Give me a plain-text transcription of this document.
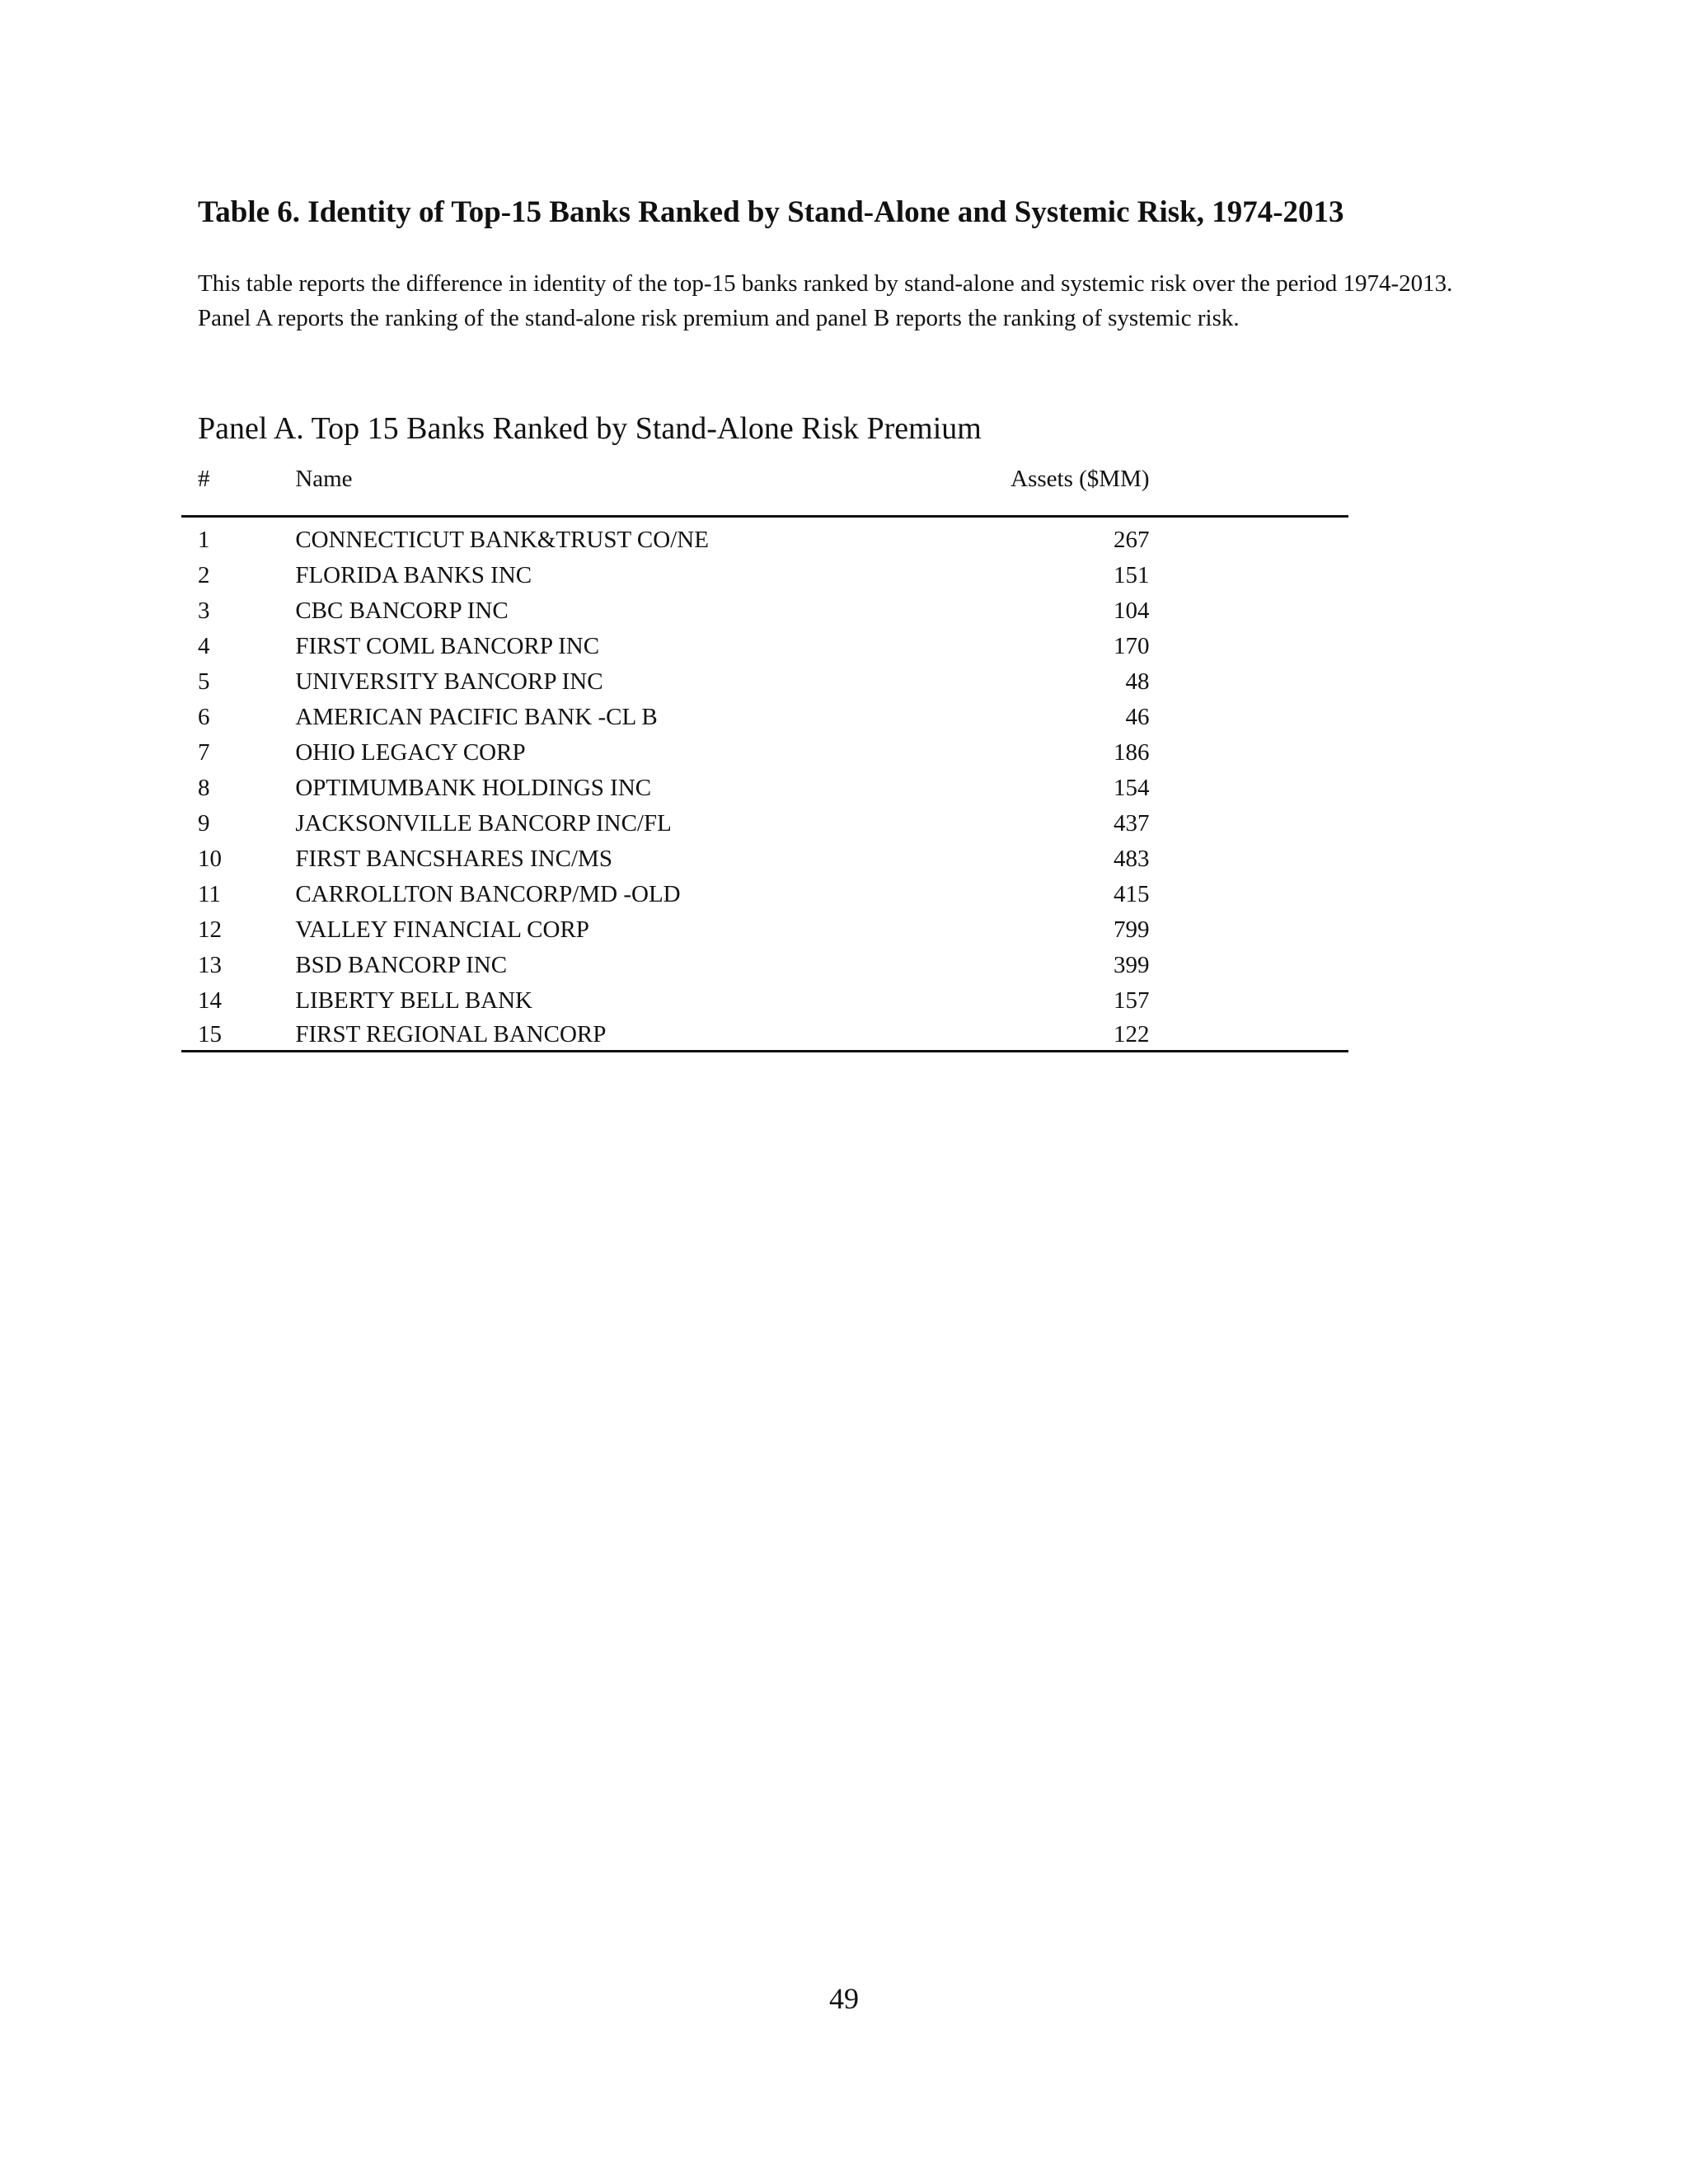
Table 6. Identity of Top-15 Banks Ranked by Stand-Alone and Systemic Risk, 1974-2013

This table reports the difference in identity of the top-15 banks ranked by stand-alone and systemic risk over the period 1974-2013. Panel A reports the ranking of the stand-alone risk premium and panel B reports the ranking of systemic risk.

Panel A. Top 15 Banks Ranked by Stand-Alone Risk Premium
#	Name	Assets ($MM)	
1	CONNECTICUT BANK&TRUST CO/NE	267	
2	FLORIDA BANKS INC	151	
3	CBC BANCORP INC	104	
4	FIRST COML BANCORP INC	170	
5	UNIVERSITY BANCORP INC	48	
6	AMERICAN PACIFIC BANK -CL B	46	
7	OHIO LEGACY CORP	186	
8	OPTIMUMBANK HOLDINGS INC	154	
9	JACKSONVILLE BANCORP INC/FL	437	
10	FIRST BANCSHARES INC/MS	483	
11	CARROLLTON BANCORP/MD -OLD	415	
12	VALLEY FINANCIAL CORP	799	
13	BSD BANCORP INC	399	
14	LIBERTY BELL BANK	157	
15	FIRST REGIONAL BANCORP	122	

49
